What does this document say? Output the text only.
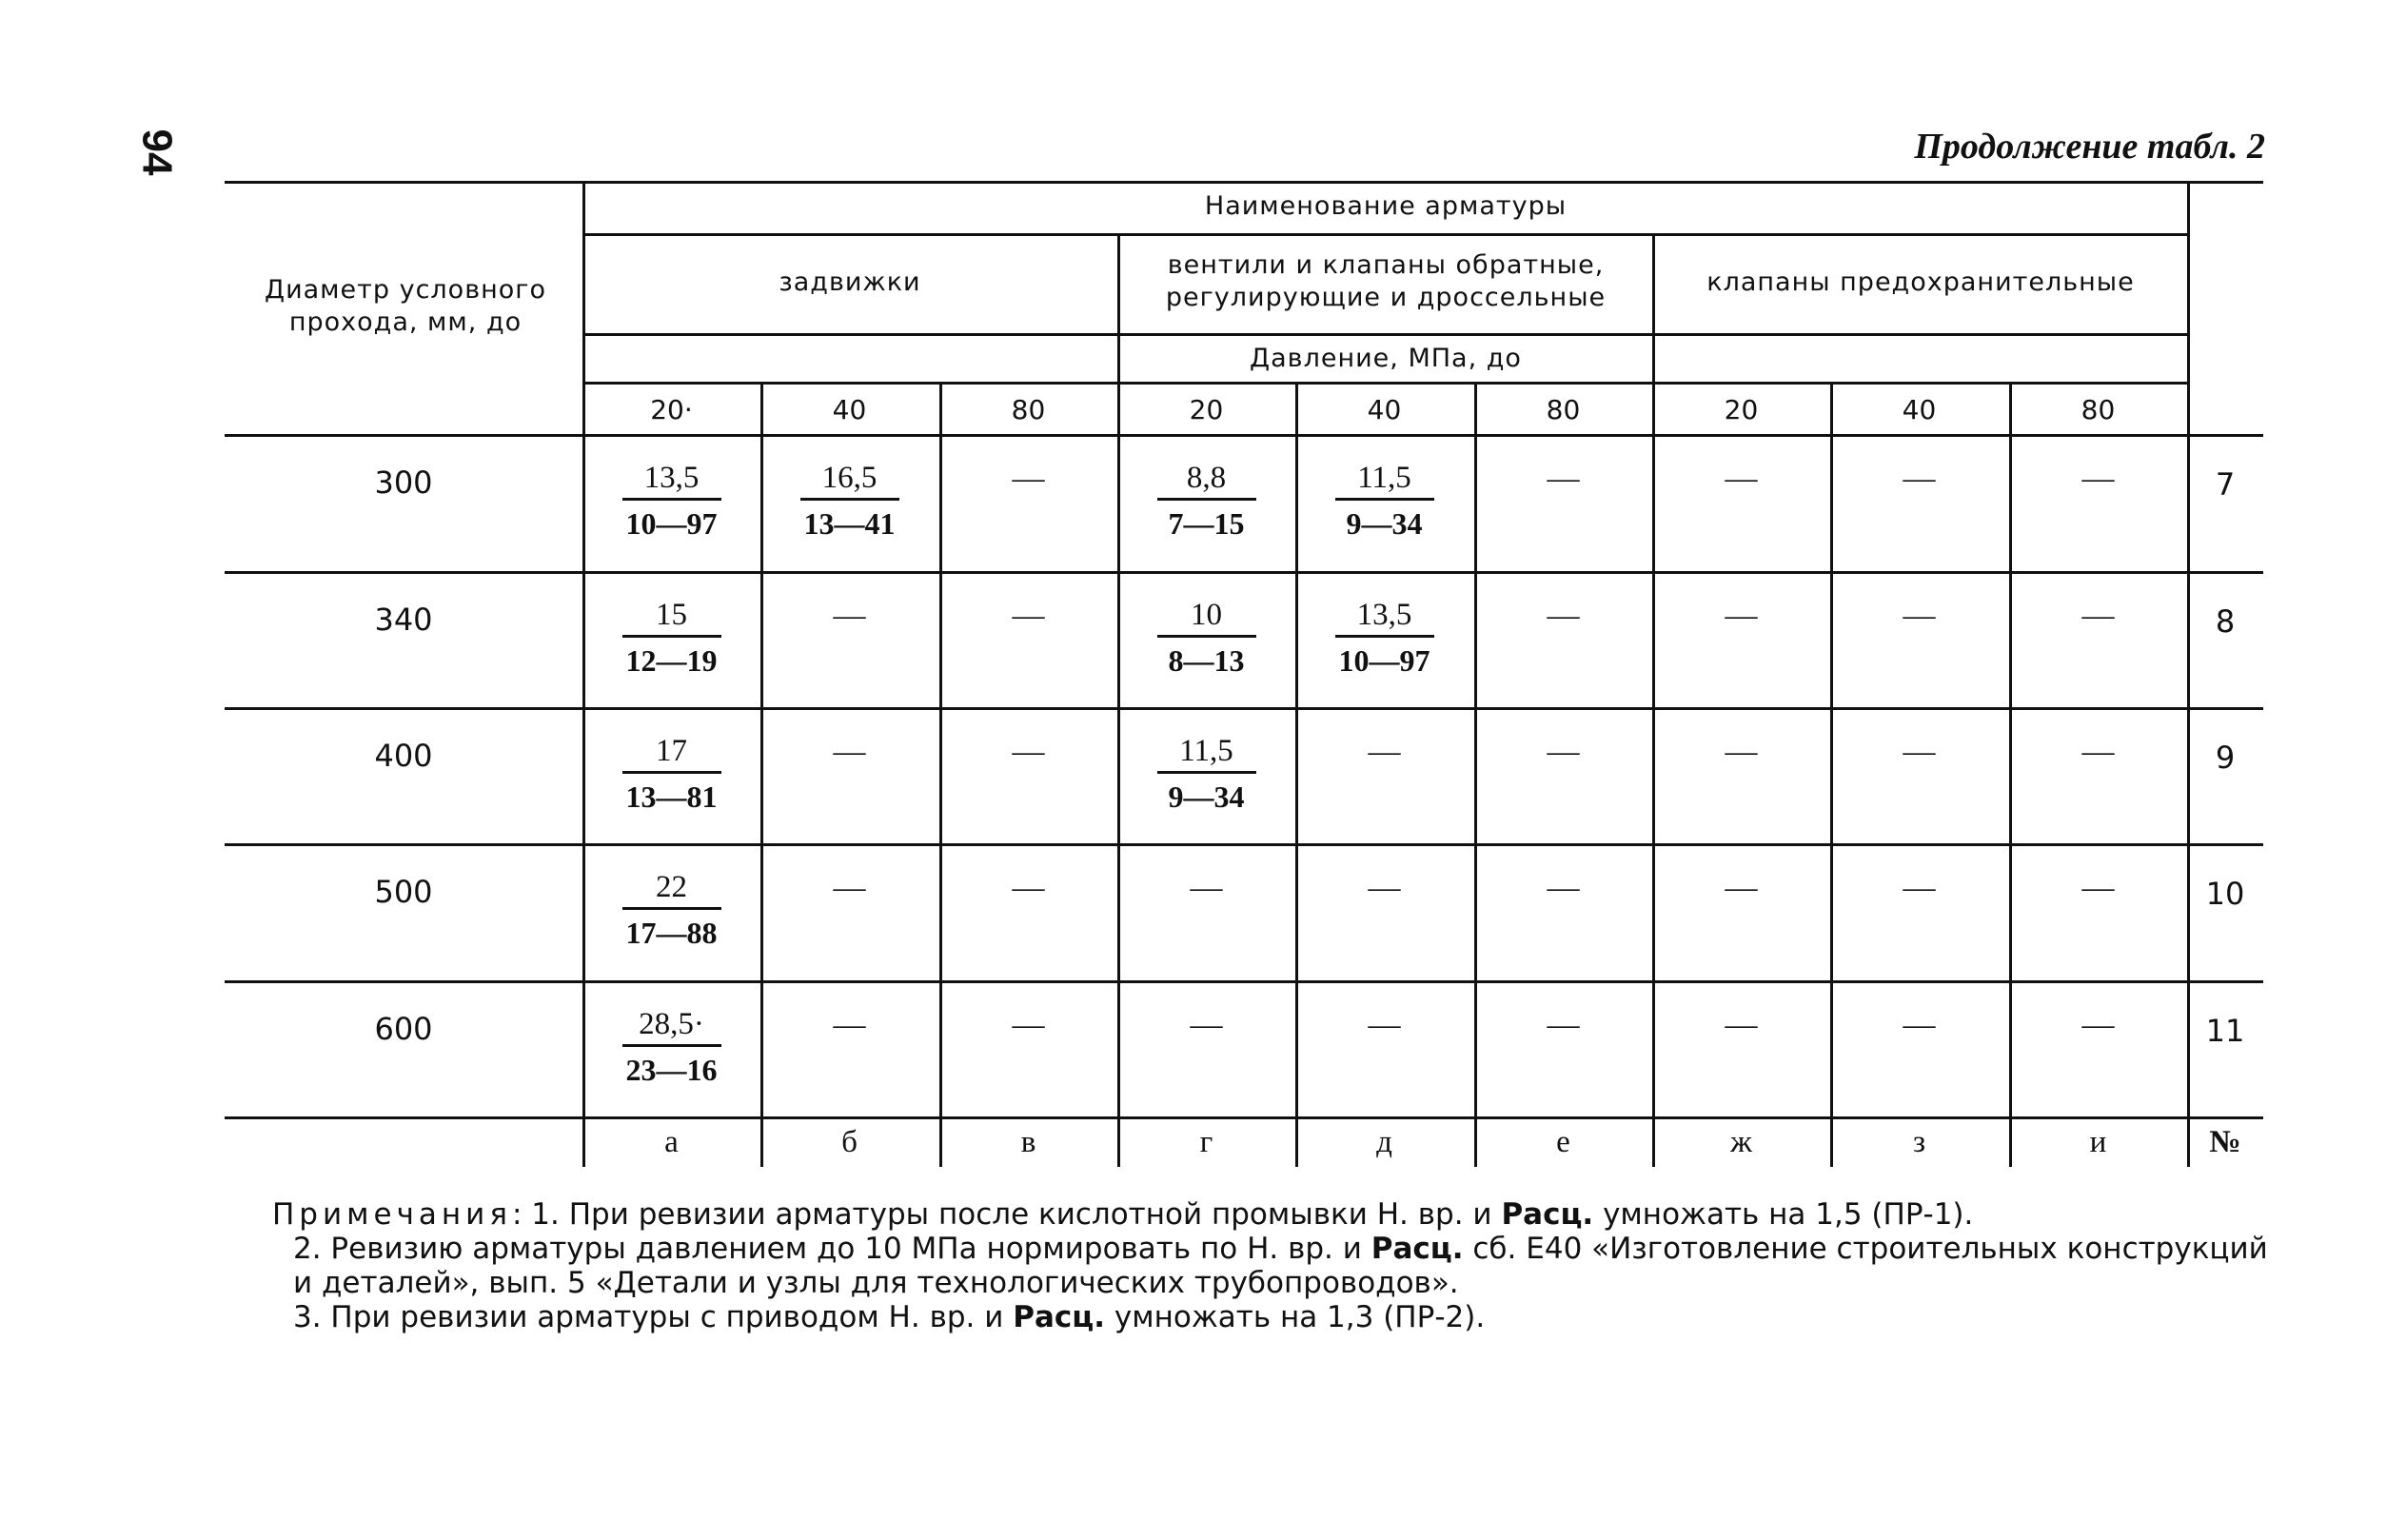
94	Продолжение табл. 2
Диаметр условного прохода, мм, до
Наименование арматуры
задвижки
вентили и клапаны обратные, регулирующие и дроссельные
клапаны предохранительные
Давление, МПа, до
20·	40	80	20	40	80	20	40	80
300	$\frac{13,5}{10—97}$	$\frac{16,5}{13—41}$	—	$\frac{8,8}{7—15}$	$\frac{11,5}{9—34}$	—	—	—	—	7
340	$\frac{15}{12—19}$	—	—	$\frac{10}{8—13}$	$\frac{13,5}{10—97}$	—	—	—	—	8
400	$\frac{17}{13—81}$	—	—	$\frac{11,5}{9—34}$	—	—	—	—	—	9
500	$\frac{22}{17—88}$	—	—	—	—	—	—	—	—	10
600	$\frac{28,5\cdot}{23—16}$	—	—	—	—	—	—	—	—	11
а	б	в	г	д	е	ж	з	и	№

Примечания: 1. При ревизии арматуры после кислотной промывки Н. вр. и Расц. умножать на 1,5 (ПР-1).

2. Ревизию арматуры давлением до 10 МПа нормировать по Н. вр. и Расц. сб. Е40 «Изготовление строительных конструкций и деталей», вып. 5 «Детали и узлы для технологических трубопроводов».

3. При ревизии арматуры с приводом Н. вр. и Расц. умножать на 1,3 (ПР-2).
